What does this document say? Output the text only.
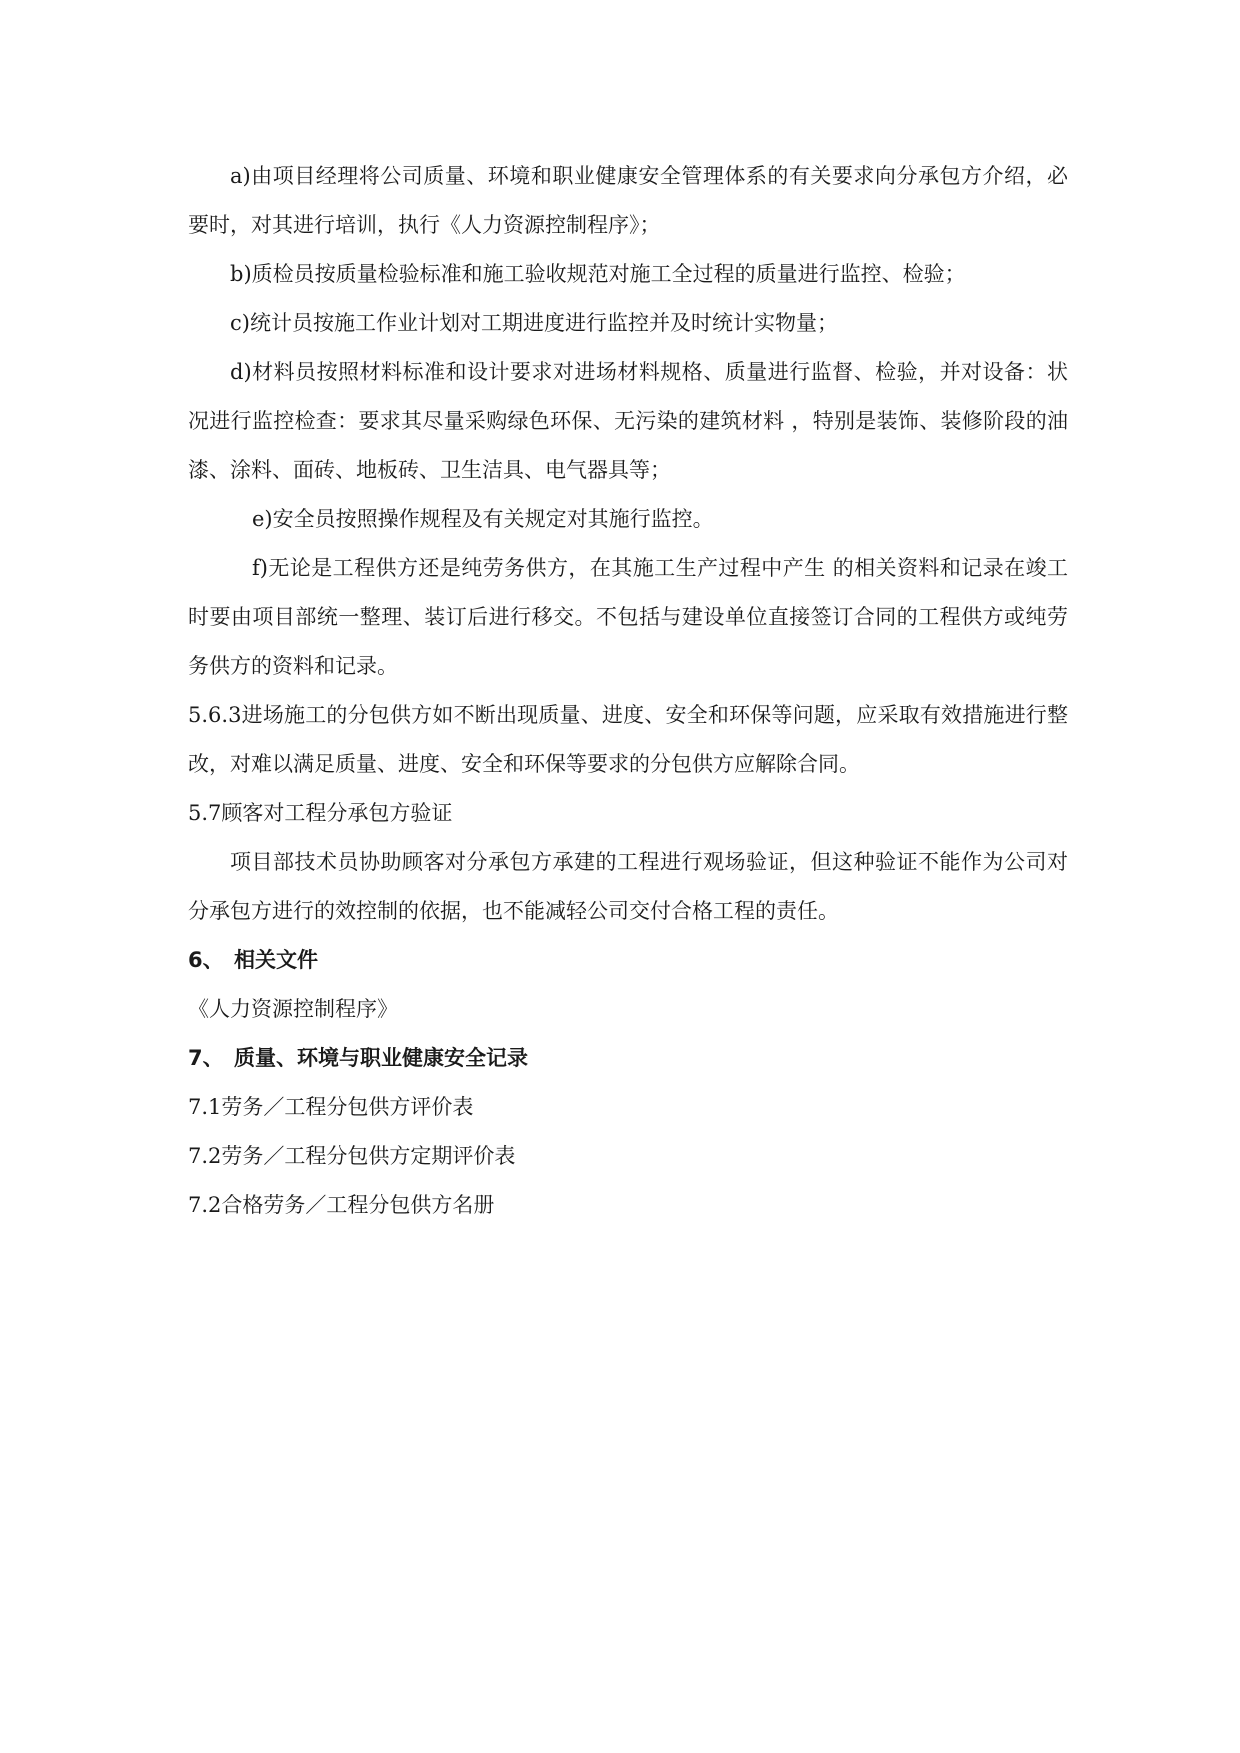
a)由项目经理将公司质量、环境和职业健康安全管理体系的有关要求向分承包方介绍，必要时，对其进行培训，执行《人力资源控制程序》；

b)质检员按质量检验标准和施工验收规范对施工全过程的质量进行监控、检验；

c)统计员按施工作业计划对工期进度进行监控并及时统计实物量；

d)材料员按照材料标准和设计要求对进场材料规格、质量进行监督、检验，并对设备：状况进行监控检查：要求其尽量采购绿色环保、无污染的建筑材料 ，特别是装饰、装修阶段的油漆、涂料、面砖、地板砖、卫生洁具、电气器具等；

e)安全员按照操作规程及有关规定对其施行监控。

f)无论是工程供方还是纯劳务供方，在其施工生产过程中产生 的相关资料和记录在竣工时要由项目部统一整理、装订后进行移交。不包括与建设单位直接签订合同的工程供方或纯劳务供方的资料和记录。

5.6.3进场施工的分包供方如不断出现质量、进度、安全和环保等问题，应采取有效措施进行整改，对难以满足质量、进度、安全和环保等要求的分包供方应解除合同。

5.7顾客对工程分承包方验证

项目部技术员协助顾客对分承包方承建的工程进行观场验证，但这种验证不能作为公司对分承包方进行的效控制的依据，也不能减轻公司交付合格工程的责任。

6、 相关文件

《人力资源控制程序》

7、 质量、环境与职业健康安全记录

7.1劳务／工程分包供方评价表

7.2劳务／工程分包供方定期评价表

7.2合格劳务／工程分包供方名册
